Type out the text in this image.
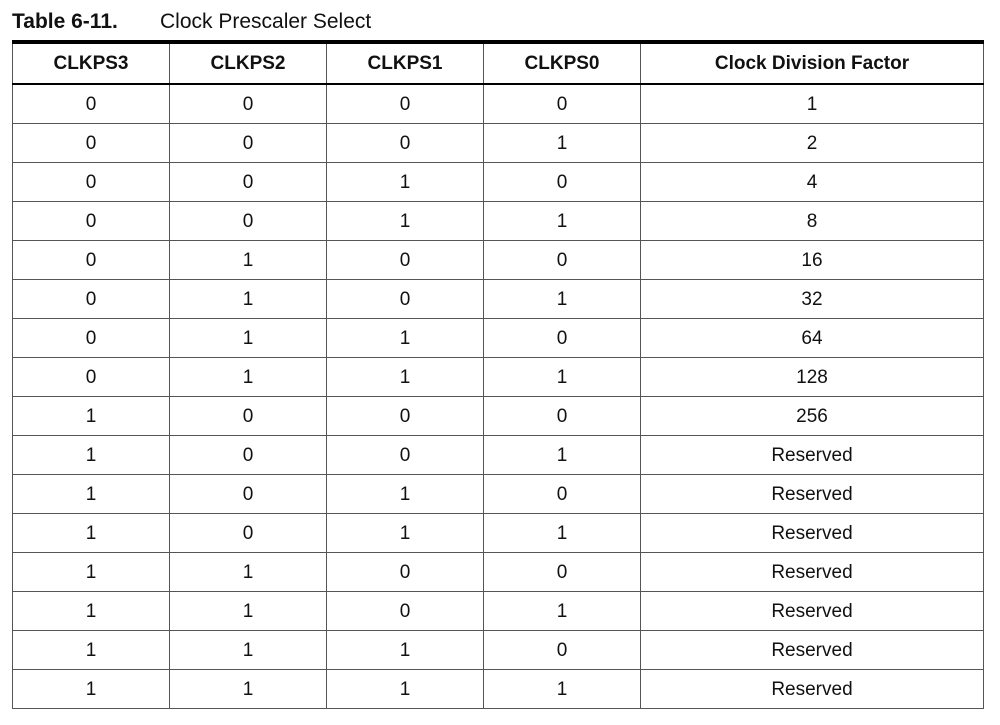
Table 6-11.	Clock Prescaler Select
CLKPS3	CLKPS2	CLKPS1	CLKPS0	Clock Division Factor
0	0	0	0	1
0	0	0	1	2
0	0	1	0	4
0	0	1	1	8
0	1	0	0	16
0	1	0	1	32
0	1	1	0	64
0	1	1	1	128
1	0	0	0	256
1	0	0	1	Reserved
1	0	1	0	Reserved
1	0	1	1	Reserved
1	1	0	0	Reserved
1	1	0	1	Reserved
1	1	1	0	Reserved
1	1	1	1	Reserved
